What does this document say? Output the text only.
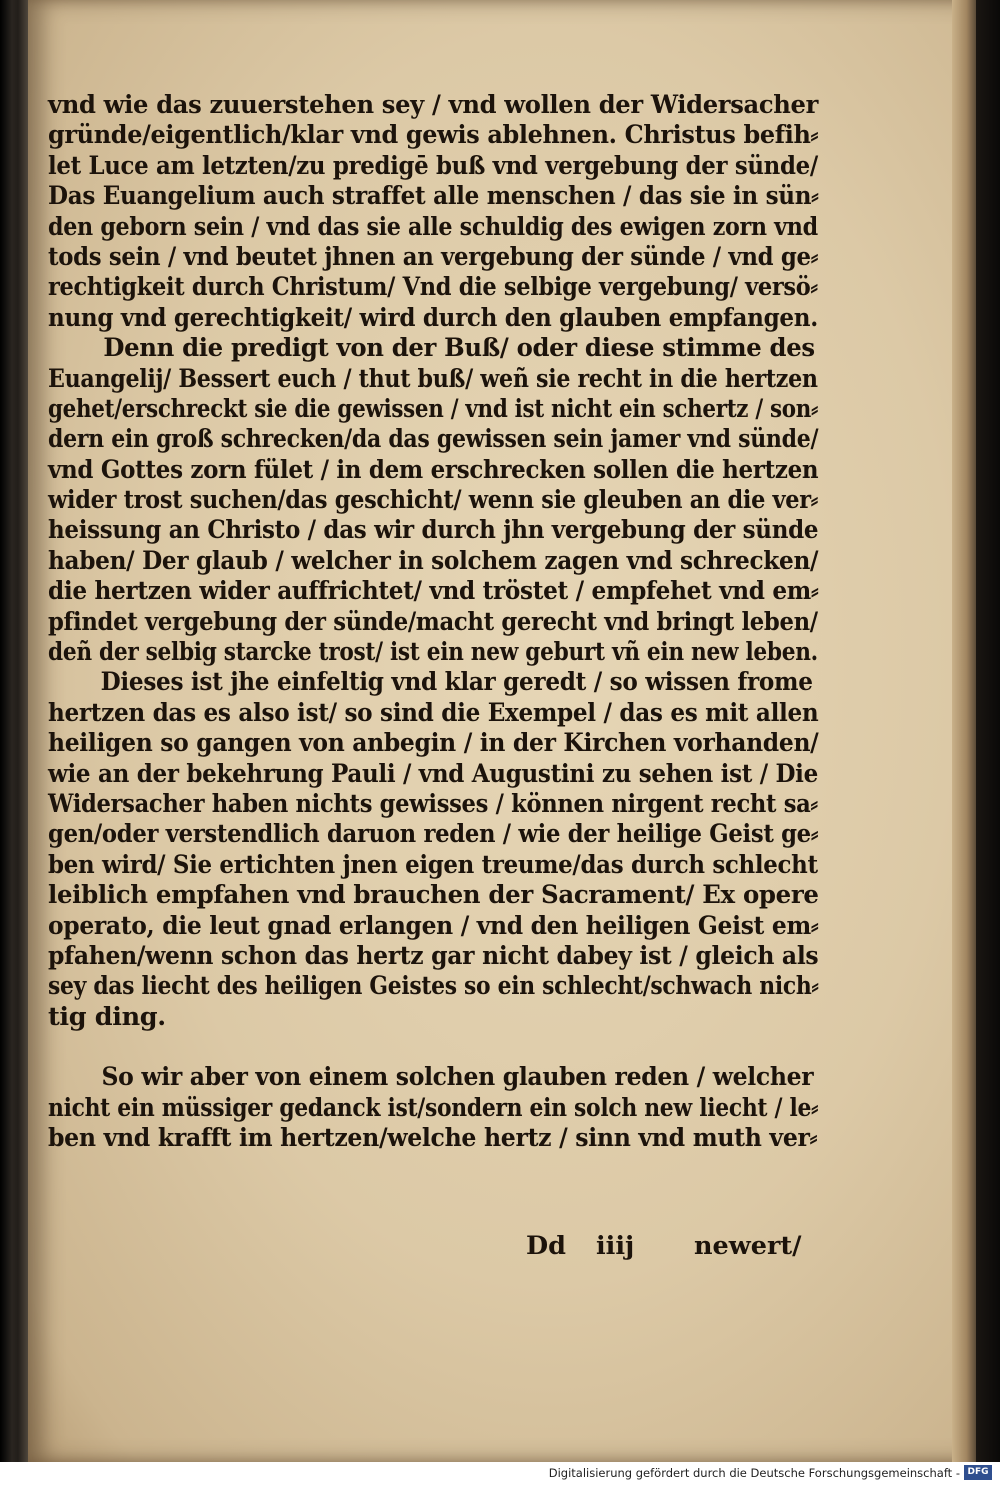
vnd wie das zuuerstehen sey / vnd wollen der Widersacher
gründe/eigentlich/klar vnd gewis ablehnen. Christus befih⸗
let Luce am letzten/zu predigē buß vnd vergebung der sünde/
Das Euangelium auch straffet alle menschen / das sie in sün⸗
den geborn sein / vnd das sie alle schuldig des ewigen zorn vnd
tods sein / vnd beutet jhnen an vergebung der sünde / vnd ge⸗
rechtigkeit durch Christum/ Vnd die selbige vergebung/ versö⸗
nung vnd gerechtigkeit/ wird durch den glauben empfangen.
Denn die predigt von der Buß/ oder diese stimme des
Euangelij/ Bessert euch / thut buß/ weñ sie recht in die hertzen
gehet/erschreckt sie die gewissen / vnd ist nicht ein schertz / son⸗
dern ein groß schrecken/da das gewissen sein jamer vnd sünde/
vnd Gottes zorn fület / in dem erschrecken sollen die hertzen
wider trost suchen/das geschicht/ wenn sie gleuben an die ver⸗
heissung an Christo / das wir durch jhn vergebung der sünde
haben/ Der glaub / welcher in solchem zagen vnd schrecken/
die hertzen wider auffrichtet/ vnd tröstet / empfehet vnd em⸗
pfindet vergebung der sünde/macht gerecht vnd bringt leben/
deñ der selbig starcke trost/ ist ein new geburt vñ ein new leben.
Dieses ist jhe einfeltig vnd klar geredt / so wissen frome
hertzen das es also ist/ so sind die Exempel / das es mit allen
heiligen so gangen von anbegin / in der Kirchen vorhanden/
wie an der bekehrung Pauli / vnd Augustini zu sehen ist / Die
Widersacher haben nichts gewisses / können nirgent recht sa⸗
gen/oder verstendlich daruon reden / wie der heilige Geist ge⸗
ben wird/ Sie ertichten jnen eigen treume/das durch schlecht
leiblich empfahen vnd brauchen der Sacrament/ Ex opere
operato, die leut gnad erlangen / vnd den heiligen Geist em⸗
pfahen/wenn schon das hertz gar nicht dabey ist / gleich als
sey das liecht des heiligen Geistes so ein schlecht/schwach nich⸗
tig ding.
So wir aber von einem solchen glauben reden / welcher
nicht ein müssiger gedanck ist/sondern ein solch new liecht / le⸗
ben vnd krafft im hertzen/welche hertz / sinn vnd muth ver⸗
Dd iiij newert/
Digitalisierung gefördert durch die Deutsche Forschungsgemeinschaft - DFG
